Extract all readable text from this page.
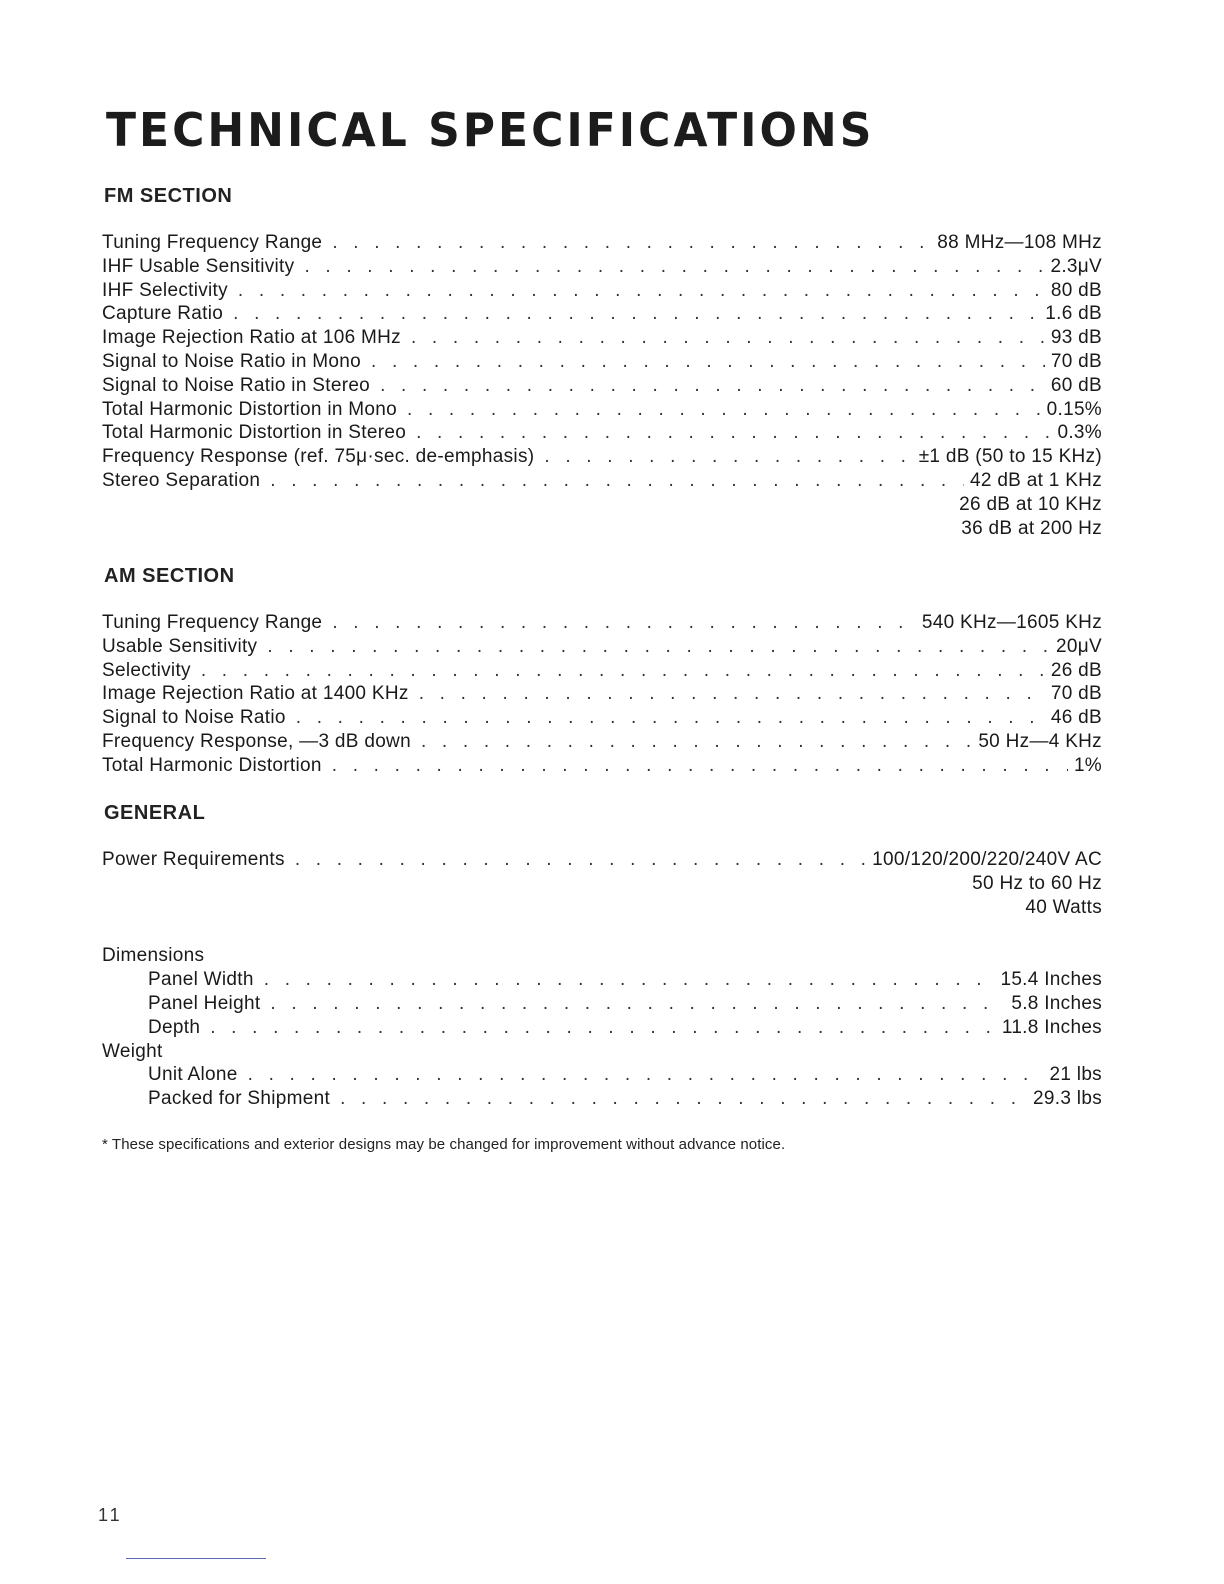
TECHNICAL SPECIFICATIONS
FM SECTION
Tuning Frequency Range . . .	88 MHz—108 MHz
IHF Usable Sensitivity . . .	2.3μV
IHF Selectivity . . .	80 dB
Capture Ratio . . .	1.6 dB
Image Rejection Ratio at 106 MHz . . .	93 dB
Signal to Noise Ratio in Mono . . .	70 dB
Signal to Noise Ratio in Stereo . . .	60 dB
Total Harmonic Distortion in Mono . . .	0.15%
Total Harmonic Distortion in Stereo . . .	0.3%
Frequency Response (ref. 75μ·sec. de-emphasis) . . .	±1 dB (50 to 15 KHz)
Stereo Separation . . .	42 dB at 1 KHz
26 dB at 10 KHz
36 dB at 200 Hz
AM SECTION
Tuning Frequency Range . . .	540 KHz—1605 KHz
Usable Sensitivity . . .	20μV
Selectivity . . .	26 dB
Image Rejection Ratio at 1400 KHz . . .	70 dB
Signal to Noise Ratio . . .	46 dB
Frequency Response, —3 dB down . . .	50 Hz—4 KHz
Total Harmonic Distortion . . .	1%
GENERAL
Power Requirements . . .	100/120/200/220/240V AC
50 Hz to 60 Hz
40 Watts
Dimensions
Panel Width . . .	15.4 Inches
Panel Height . . .	5.8 Inches
Depth . . .	11.8 Inches
Weight
Unit Alone . . .	21 lbs
Packed for Shipment . . .	29.3 lbs
* These specifications and exterior designs may be changed for improvement without advance notice.
11
